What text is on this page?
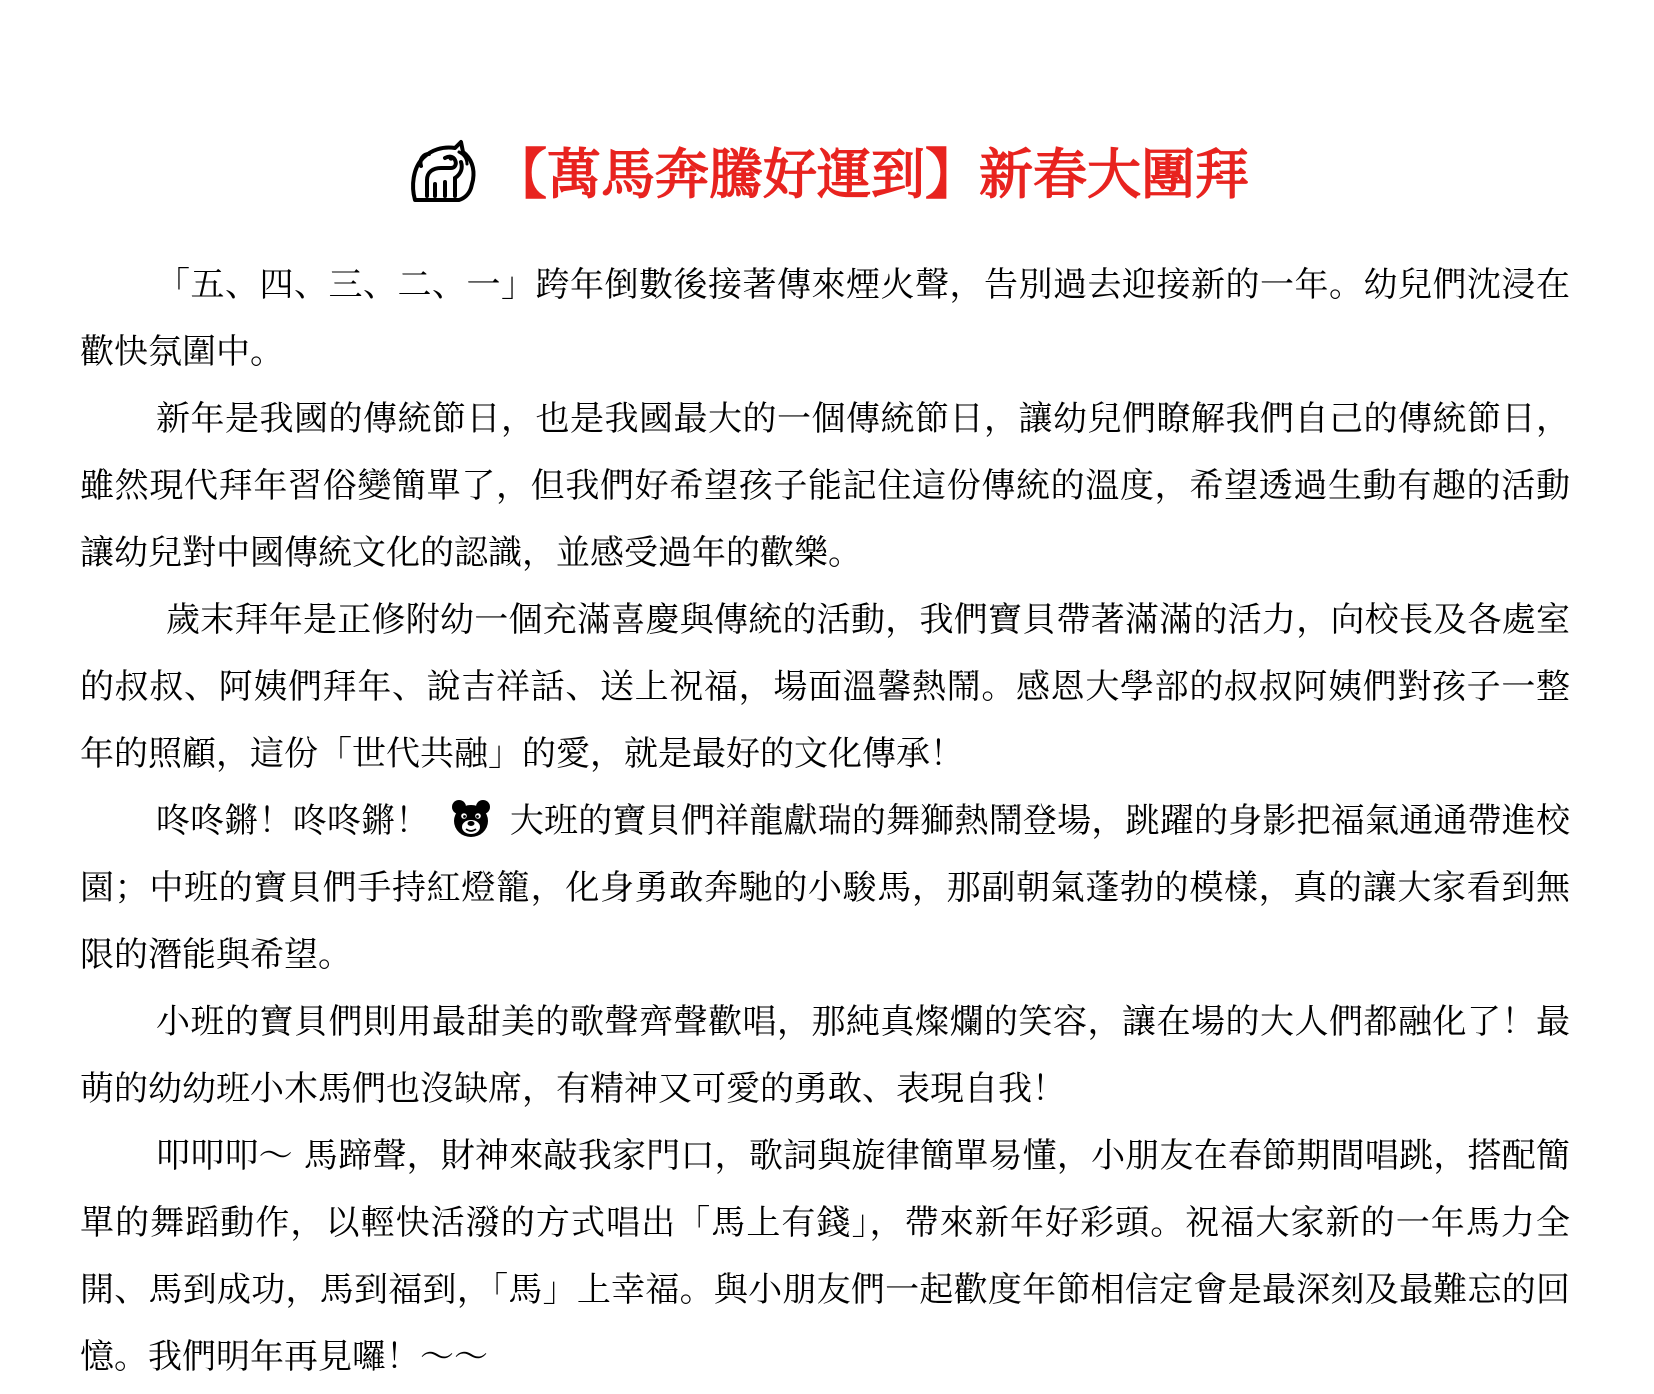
【萬馬奔騰好運到】新春大團拜

「五、四、三、二、一」跨年倒數後接著傳來煙火聲，告別過去迎接新的一年。幼兒們沈浸在歡快氛圍中。

新年是我國的傳統節日，也是我國最大的一個傳統節日，讓幼兒們瞭解我們自己的傳統節日，雖然現代拜年習俗變簡單了，但我們好希望孩子能記住這份傳統的溫度，希望透過生動有趣的活動讓幼兒對中國傳統文化的認識，並感受過年的歡樂。

歲末拜年是正修附幼一個充滿喜慶與傳統的活動，我們寶貝帶著滿滿的活力，向校長及各處室的叔叔、阿姨們拜年、說吉祥話、送上祝福，場面溫馨熱鬧。感恩大學部的叔叔阿姨們對孩子一整年的照顧，這份「世代共融」的愛，就是最好的文化傳承！

咚咚鏘！咚咚鏘！ 大班的寶貝們祥龍獻瑞的舞獅熱鬧登場，跳躍的身影把福氣通通帶進校園；中班的寶貝們手持紅燈籠，化身勇敢奔馳的小駿馬，那副朝氣蓬勃的模樣，真的讓大家看到無限的潛能與希望。

小班的寶貝們則用最甜美的歌聲齊聲歡唱，那純真燦爛的笑容，讓在場的大人們都融化了！最萌的幼幼班小木馬們也沒缺席，有精神又可愛的勇敢、表現自我！

叩叩叩～ 馬蹄聲，財神來敲我家門口，歌詞與旋律簡單易懂，小朋友在春節期間唱跳，搭配簡單的舞蹈動作，以輕快活潑的方式唱出「馬上有錢」，帶來新年好彩頭。祝福大家新的一年馬力全開、馬到成功，馬到福到，「馬」上幸福。與小朋友們一起歡度年節相信定會是最深刻及最難忘的回憶。我們明年再見囉！～～
